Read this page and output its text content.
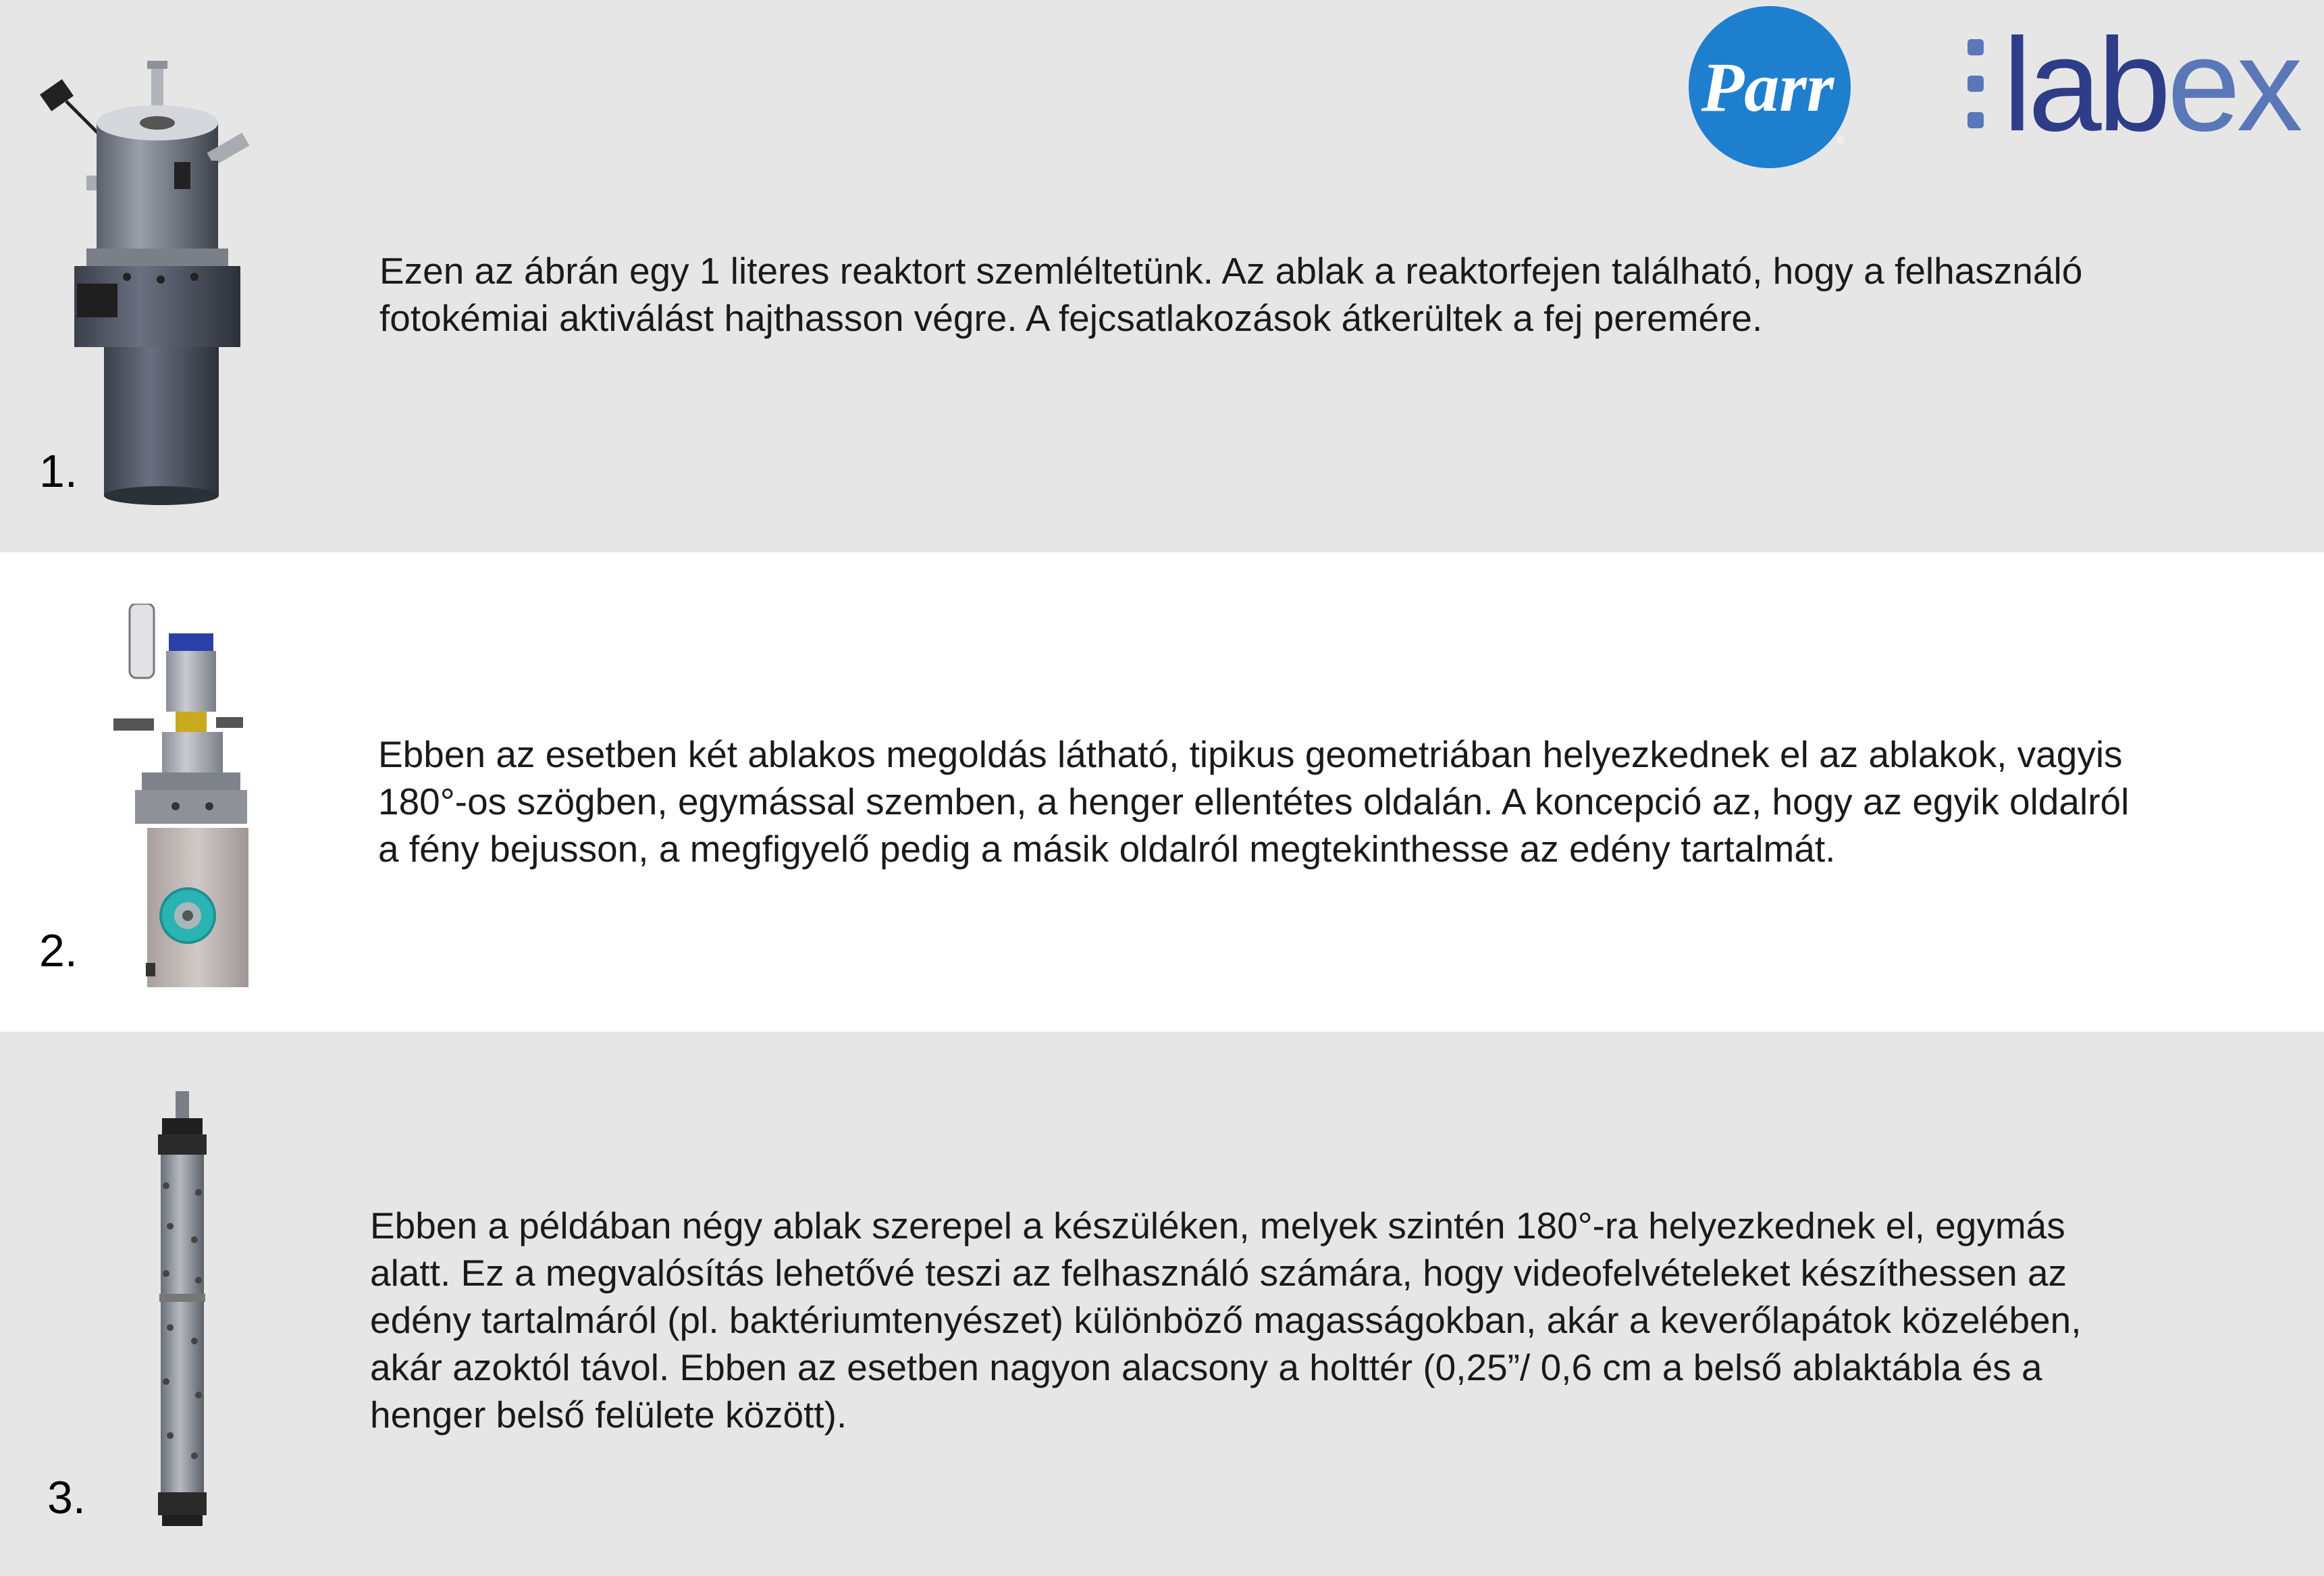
Parr
® labex
1.

Ezen az ábrán egy 1 literes reaktort szemléltetünk. Az ablak a reaktorfejen található, hogy a felhasználó
fotokémiai aktiválást hajthasson végre. A fejcsatlakozások átkerültek a fej peremére.

2.

Ebben az esetben két ablakos megoldás látható, tipikus geometriában helyezkednek el az ablakok, vagyis
180°-os szögben, egymással szemben, a henger ellentétes oldalán. A koncepció az, hogy az egyik oldalról
a fény bejusson, a megfigyelő pedig a másik oldalról megtekinthesse az edény tartalmát.

3.

Ebben a példában négy ablak szerepel a készüléken, melyek szintén 180°-ra helyezkednek el, egymás
alatt. Ez a megvalósítás lehetővé teszi az felhasználó számára, hogy videofelvételeket készíthessen az
edény tartalmáról (pl. baktériumtenyészet) különböző magasságokban, akár a keverőlapátok közelében,
akár azoktól távol. Ebben az esetben nagyon alacsony a holttér (0,25”/ 0,6 cm a belső ablaktábla és a
henger belső felülete között).
